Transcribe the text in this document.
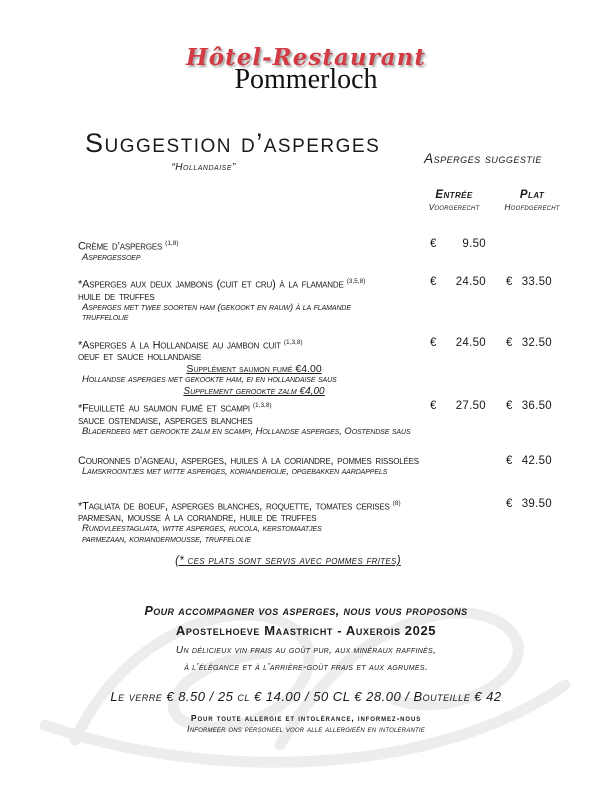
Hôtel-Restaurant
Pommerloch
Suggestion d’asperges
“Hollandaise”
Asperges suggestie
Entrée
Voorgerecht
Plat
Hoofdgerecht
Crème d’asperges $^{(1,8)}$
Aspergessoep
€ 9.50
*Asperges aux deux jambons (cuit et cru) à la flamande $^{(3,5,8)}$
huile de truffes
Asperges met twee soorten ham (gekookt en rauw) à la flamande
truffelolie
€ 24.50 € 33.50
*Asperges à la Hollandaise au jambon cuit $^{(1,3,8)}$
oeuf et sauce hollandaise
Supplément saumon fumé €4.00
Hollandse asperges met gekookte ham, ei en hollandaise saus
Supplement gerookte zalm €4,00
€ 24.50 € 32.50
*Feuilleté au saumon fumé et scampi $^{(1,3,8)}$
sauce ostendaise, asperges blanches
Bladerdeeg met gerookte zalm en scampi, Hollandse asperges, Oostendse saus
€ 27.50 € 36.50
Couronnes d’agneau, asperges, huiles à la coriandre, pommes rissolées
Lamskroontjes met witte asperges, korianderolie, opgebakken aardappels
€ 42.50
*Tagliata de boeuf, asperges blanches, roquette, tomates cerises $^{(8)}$
parmesan, mousse à la coriandre, huile de truffes
Rundvleestagliata, witte asperges, rucola, kerstomaatjes
parmezaan, koriandermousse, truffelolie
€ 39.50
(* ces plats sont servis avec pommes frites)
Pour accompagner vos asperges, nous vous proposons
Apostelhoeve Maastricht - Auxerois 2025
Un délicieux vin frais au goût pur, aux minéraux raffinés,
à l’élégance et à l’arrière-goût frais et aux agrumes.
Le verre € 8.50 / 25 cl € 14.00 / 50 CL € 28.00 / Bouteille € 42
Pour toute allergie et intolérance, informez-nous
Informeer ons personeel voor alle allergieën en intolerantie
